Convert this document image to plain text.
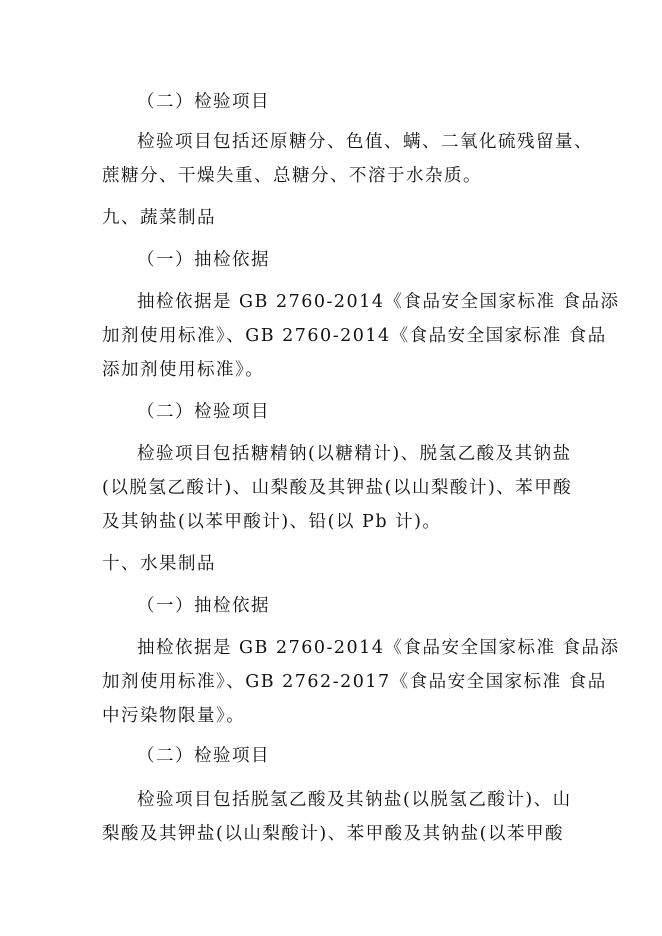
（二）检验项目
检验项目包括还原糖分、色值、螨、二氧化硫残留量、
蔗糖分、干燥失重、总糖分、不溶于水杂质。
九、蔬菜制品
（一）抽检依据
抽检依据是 GB 2760-2014《食品安全国家标准 食品添
加剂使用标准》、GB 2760-2014《食品安全国家标准 食品
添加剂使用标准》。
（二）检验项目
检验项目包括糖精钠(以糖精计)、脱氢乙酸及其钠盐
(以脱氢乙酸计)、山梨酸及其钾盐(以山梨酸计)、苯甲酸
及其钠盐(以苯甲酸计)、铅(以 Pb 计)。
十、水果制品
（一）抽检依据
抽检依据是 GB 2760-2014《食品安全国家标准 食品添
加剂使用标准》、GB 2762-2017《食品安全国家标准 食品
中污染物限量》。
（二）检验项目
检验项目包括脱氢乙酸及其钠盐(以脱氢乙酸计)、山
梨酸及其钾盐(以山梨酸计)、苯甲酸及其钠盐(以苯甲酸
